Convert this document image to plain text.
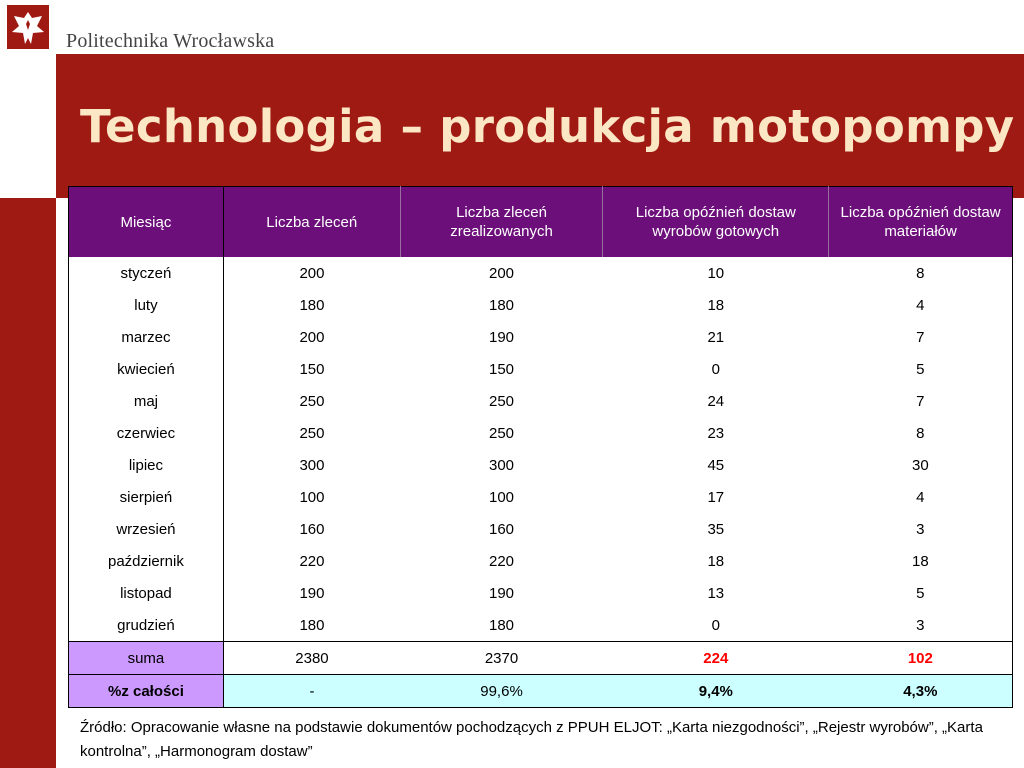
Politechnika Wrocławska
Technologia – produkcja motopompy
Miesiąc	Liczba zleceń	Liczba zleceń zrealizowanych	Liczba opóźnień dostaw wyrobów gotowych	Liczba opóźnień dostaw materiałów
styczeń	200	200	10	8
luty	180	180	18	4
marzec	200	190	21	7
kwiecień	150	150	0	5
maj	250	250	24	7
czerwiec	250	250	23	8
lipiec	300	300	45	30
sierpień	100	100	17	4
wrzesień	160	160	35	3
październik	220	220	18	18
listopad	190	190	13	5
grudzień	180	180	0	3
suma	2380	2370	224	102
%z całości	-	99,6%	9,4%	4,3%
Źródło: Opracowanie własne na podstawie dokumentów pochodzących z PPUH ELJOT: „Karta niezgodności”, „Rejestr wyrobów”, „Karta kontrolna”, „Harmonogram dostaw”
